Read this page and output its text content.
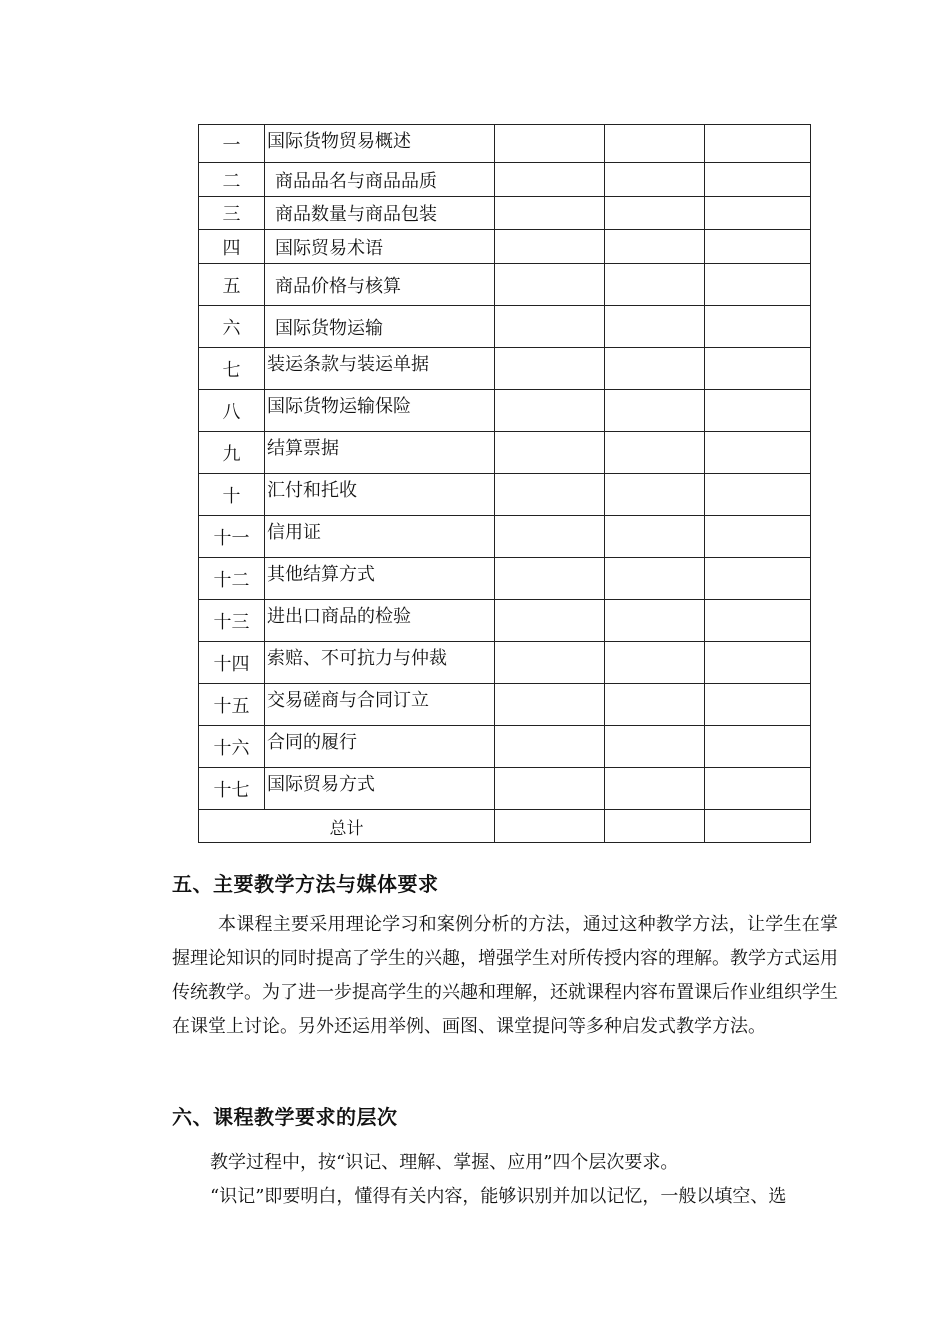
一	国际货物贸易概述			
二	商品品名与商品品质			
三	商品数量与商品包装			
四	国际贸易术语			
五	商品价格与核算			
六	国际货物运输			
七	装运条款与装运单据			
八	国际货物运输保险			
九	结算票据			
十	汇付和托收			
十一	信用证			
十二	其他结算方式			
十三	进出口商品的检验			
十四	索赔、不可抗力与仲裁			
十五	交易磋商与合同订立			
十六	合同的履行			
十七	国际贸易方式			
总计				
五、主要教学方法与媒体要求

本课程主要采用理论学习和案例分析的方法，通过这种教学方法，让学生在掌握理论知识的同时提高了学生的兴趣，增强学生对所传授内容的理解。教学方式运用传统教学。为了进一步提高学生的兴趣和理解，还就课程内容布置课后作业组织学生在课堂上讨论。另外还运用举例、画图、课堂提问等多种启发式教学方法。

六、课程教学要求的层次

教学过程中，按“识记、理解、掌握、应用”四个层次要求。

“识记”即要明白，懂得有关内容，能够识别并加以记忆，一般以填空、选
